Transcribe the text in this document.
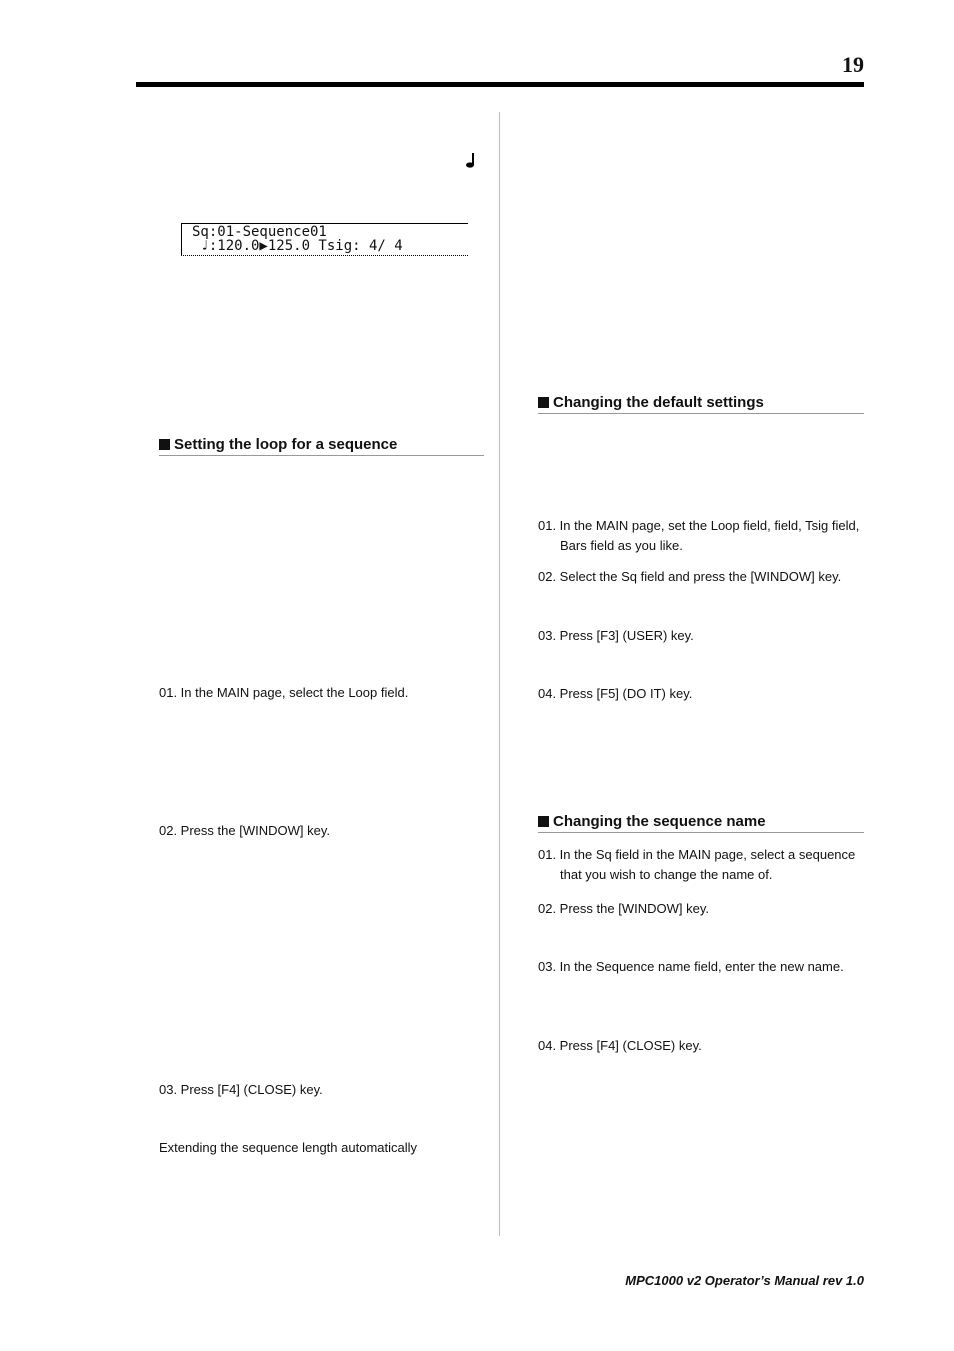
19
Sq:01-Sequence01
♩:120.0▶125.0 Tsig: 4/ 4
Setting the loop for a sequence
01. In the MAIN page, select the Loop field.
02. Press the [WINDOW] key.
03. Press [F4] (CLOSE) key.
Extending the sequence length automatically
Changing the default settings
01. In the MAIN page, set the Loop field, field, Tsig field,
Bars field as you like.
02. Select the Sq field and press the [WINDOW] key.
03. Press [F3] (USER) key.
04. Press [F5] (DO IT) key.
Changing the sequence name
01. In the Sq field in the MAIN page, select a sequence
that you wish to change the name of.
02. Press the [WINDOW] key.
03. In the Sequence name field, enter the new name.
04. Press [F4] (CLOSE) key.
MPC1000 v2 Operator’s Manual rev 1.0
